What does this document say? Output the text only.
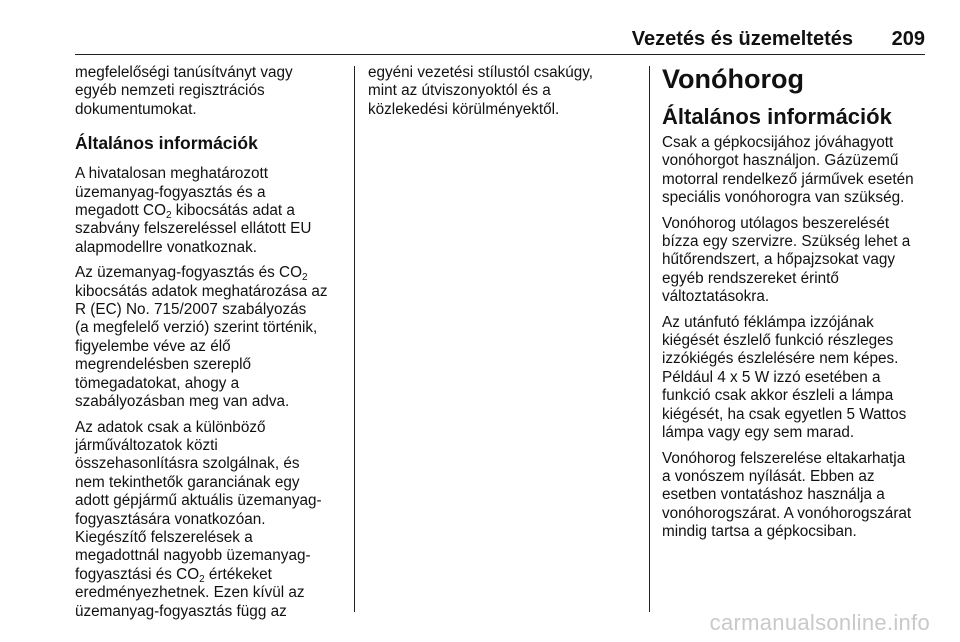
Vezetés és üzemeltetés 209

megfelelőségi tanúsítványt vagy
egyéb nemzeti regisztrációs
dokumentumokat.

Általános információk

A hivatalosan meghatározott
üzemanyag-fogyasztás és a
megadott $CO_2$ kibocsátás adat a
szabvány felszereléssel ellátott EU
alapmodellre vonatkoznak.

Az üzemanyag-fogyasztás és $CO_2$
kibocsátás adatok meghatározása az
R (EC) No. 715/2007 szabályozás
(a megfelelő verzió) szerint történik,
figyelembe véve az élő
megrendelésben szereplő
tömegadatokat, ahogy a
szabályozásban meg van adva.

Az adatok csak a különböző
járműváltozatok közti
összehasonlításra szolgálnak, és
nem tekinthetők garanciának egy
adott gépjármű aktuális üzemanyag-
fogyasztására vonatkozóan.
Kiegészítő felszerelések a
megadottnál nagyobb üzemanyag-
fogyasztási és $CO_2$ értékeket
eredményezhetnek. Ezen kívül az
üzemanyag-fogyasztás függ az

egyéni vezetési stílustól csakúgy,
mint az útviszonyoktól és a
közlekedési körülményektől.

Vonóhorog
Általános információk

Csak a gépkocsijához jóváhagyott
vonóhorgot használjon. Gázüzemű
motorral rendelkező járművek esetén
speciális vonóhorogra van szükség.

Vonóhorog utólagos beszerelését
bízza egy szervizre. Szükség lehet a
hűtőrendszert, a hőpajzsokat vagy
egyéb rendszereket érintő
változtatásokra.

Az utánfutó féklámpa izzójának
kiégését észlelő funkció részleges
izzókiégés észlelésére nem képes.
Például 4 x 5 W izzó esetében a
funkció csak akkor észleli a lámpa
kiégését, ha csak egyetlen 5 Wattos
lámpa vagy egy sem marad.

Vonóhorog felszerelése eltakarhatja
a vonószem nyílását. Ebben az
esetben vontatáshoz használja a
vonóhorogszárat. A vonóhorogszárat
mindig tartsa a gépkocsiban.

carmanualsonline.info
